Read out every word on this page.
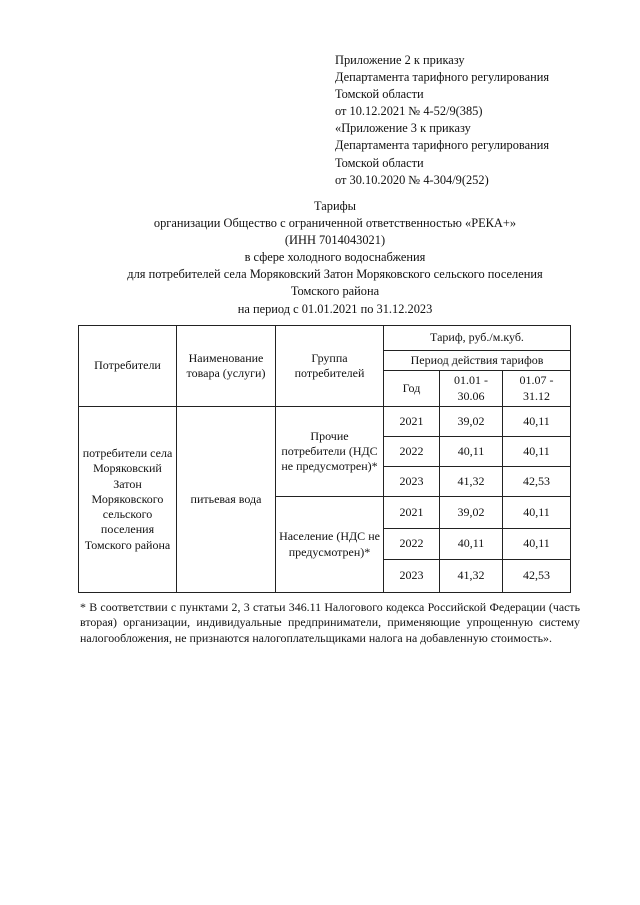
Приложение 2 к приказу
Департамента тарифного регулирования
Томской области
от 10.12.2021 № 4-52/9(385)
«Приложение 3 к приказу
Департамента тарифного регулирования
Томской области
от 30.10.2020 № 4-304/9(252)
Тарифы
организации Общество с ограниченной ответственностью «РЕКА+»
(ИНН 7014043021)
в сфере холодного водоснабжения
для потребителей села Моряковский Затон Моряковского сельского поселения
Томского района
на период с 01.01.2021 по 31.12.2023
Потребители	Наименование товара (услуги)	Группа потребителей	Тариф, руб./м.куб.		
			Период действия тарифов		
			Год	01.01 - 30.06	01.07 - 31.12
потребители села Моряковский Затон Моряковского сельского поселения Томского района	питьевая вода	Прочие потребители (НДС не предусмотрен)*	2021	39,02	40,11
			2022	40,11	40,11
			2023	41,32	42,53
		Население (НДС не предусмотрен)*	2021	39,02	40,11
			2022	40,11	40,11
			2023	41,32	42,53
* В соответствии с пунктами 2, 3 статьи 346.11 Налогового кодекса Российской Федерации (часть вторая) организации, индивидуальные предприниматели, применяющие упрощенную систему налогообложения, не признаются налогоплательщиками налога на добавленную стоимость».
